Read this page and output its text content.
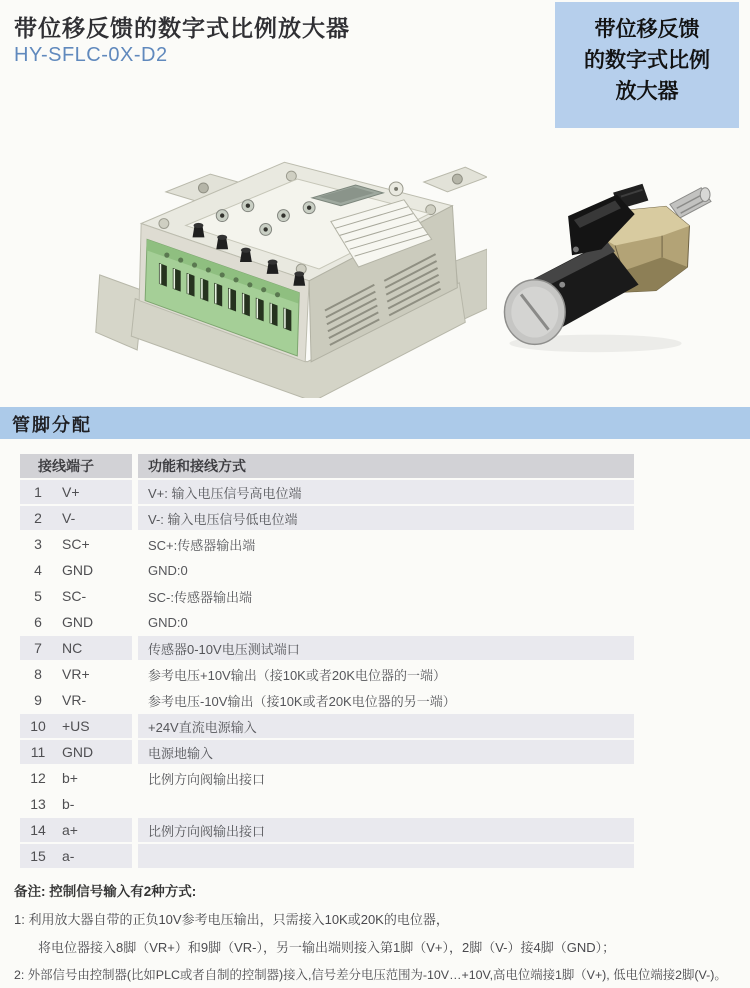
带位移反馈的数字式比例放大器
HY-SFLC-0X-D2
带位移反馈
的数字式比例
放大器
管脚分配
接线端子	功能和接线方式
1	V+	V+: 输入电压信号高电位端
2	V-	V-: 输入电压信号低电位端
3	SC+	SC+:传感器输出端
4	GND	GND:0
5	SC-	SC-:传感器输出端
6	GND	GND:0
7	NC	传感器0-10V电压测试端口
8	VR+	参考电压+10V输出（接10K或者20K电位器的一端）
9	VR-	参考电压-10V输出（接10K或者20K电位器的另一端）
10	+US	+24V直流电源输入
11	GND	电源地输入
12	b+	比例方向阀输出接口
13	b-
14	a+	比例方向阀输出接口
15	a-
备注: 控制信号输入有2种方式:
1: 利用放大器自带的正负10V参考电压输出，只需接入10K或20K的电位器，
将电位器接入8脚（VR+）和9脚（VR-），另一输出端则接入第1脚（V+），2脚（V-）接4脚（GND）；
2: 外部信号由控制器(比如PLC或者自制的控制器)接入,信号差分电压范围为-10V…+10V,高电位端接1脚（V+), 低电位端接2脚(V-)。
